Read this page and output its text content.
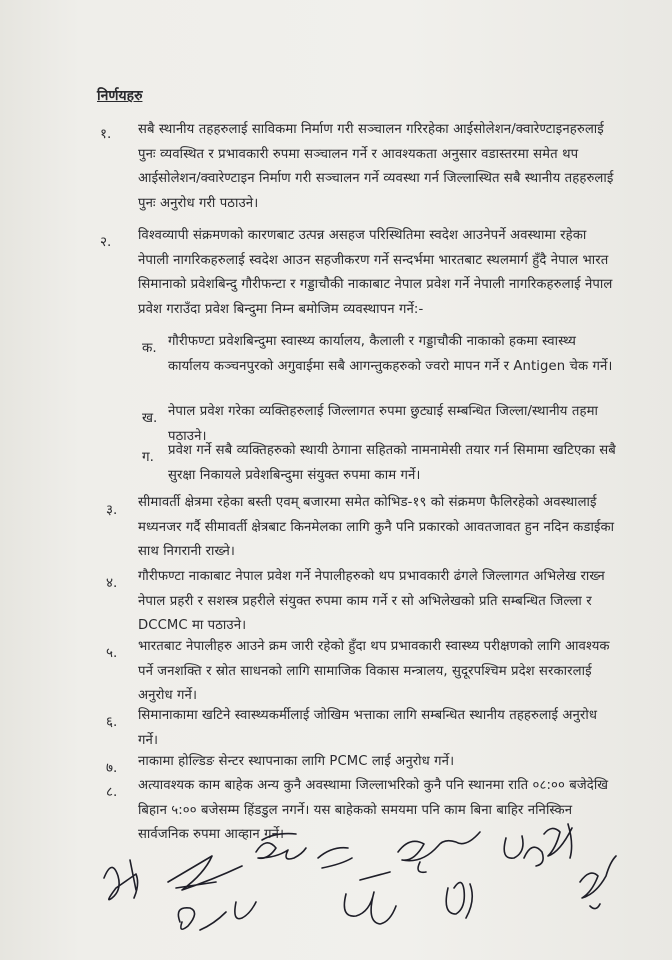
निर्णयहरु
१. सबै स्थानीय तहहरुलाई साविकमा निर्माण गरी सञ्चालन गरिरहेका आईसोलेशन/क्वारेण्टाइनहरुलाई पुनः व्यवस्थित र प्रभावकारी रुपमा सञ्चालन गर्ने र आवश्यकता अनुसार वडास्तरमा समेत थप आईसोलेशन/क्वारेण्टाइन निर्माण गरी सञ्चालन गर्ने व्यवस्था गर्न जिल्लास्थित सबै स्थानीय तहहरुलाई पुनः अनुरोध गरी पठाउने।

२. विश्वव्यापी संक्रमणको कारणबाट उत्पन्न असहज परिस्थितिमा स्वदेश आउनेपर्ने अवस्थामा रहेका नेपाली नागरिकहरुलाई स्वदेश आउन सहजीकरण गर्ने सन्दर्भमा भारतबाट स्थलमार्ग हुँदै नेपाल भारत सिमानाको प्रवेशबिन्दु गौरीफन्टा र गड्डाचौकी नाकाबाट नेपाल प्रवेश गर्ने नेपाली नागरिकहरुलाई नेपाल प्रवेश गराउँदा प्रवेश बिन्दुमा निम्न बमोजिम व्यवस्थापन गर्ने:-

क. गौरीफण्टा प्रवेशबिन्दुमा स्वास्थ्य कार्यालय, कैलाली र गड्डाचौकी नाकाको हकमा स्वास्थ्य कार्यालय कञ्चनपुरको अगुवाईमा सबै आगन्तुकहरुको ज्वरो मापन गर्ने र Antigen चेक गर्ने।

ख. नेपाल प्रवेश गरेका व्यक्तिहरुलाई जिल्लागत रुपमा छुट्याई सम्बन्धित जिल्ला/स्थानीय तहमा पठाउने।

ग. प्रवेश गर्ने सबै व्यक्तिहरुको स्थायी ठेगाना सहितको नामनामेसी तयार गर्न सिमामा खटिएका सबै सुरक्षा निकायले प्रवेशबिन्दुमा संयुक्त रुपमा काम गर्ने।

३. सीमावर्ती क्षेत्रमा रहेका बस्ती एवम् बजारमा समेत कोभिड-१९ को संक्रमण फैलिरहेको अवस्थालाई मध्यनजर गर्दै सीमावर्ती क्षेत्रबाट किनमेलका लागि कुनै पनि प्रकारको आवतजावत हुन नदिन कडाईका साथ निगरानी राख्ने।

४. गौरीफण्टा नाकाबाट नेपाल प्रवेश गर्ने नेपालीहरुको थप प्रभावकारी ढंगले जिल्लागत अभिलेख राख्न नेपाल प्रहरी र सशस्त्र प्रहरीले संयुक्त रुपमा काम गर्ने र सो अभिलेखको प्रति सम्बन्धित जिल्ला र DCCMC मा पठाउने।

५. भारतबाट नेपालीहरु आउने क्रम जारी रहेको हुँदा थप प्रभावकारी स्वास्थ्य परीक्षणको लागि आवश्यक पर्ने जनशक्ति र स्रोत साधनको लागि सामाजिक विकास मन्त्रालय, सुदूरपश्चिम प्रदेश सरकारलाई अनुरोध गर्ने।

६. सिमानाकामा खटिने स्वास्थ्यकर्मीलाई जोखिम भत्ताका लागि सम्बन्धित स्थानीय तहहरुलाई अनुरोध गर्ने।

७. नाकामा होल्डिङ सेन्टर स्थापनाका लागि PCMC लाई अनुरोध गर्ने।

८. अत्यावश्यक काम बाहेक अन्य कुनै अवस्थामा जिल्लाभरिको कुनै पनि स्थानमा राति ०८:०० बजेदेखि बिहान ५:०० बजेसम्म हिंडडुल नगर्ने। यस बाहेकको समयमा पनि काम बिना बाहिर ननिस्किन सार्वजनिक रुपमा आव्हान गर्ने।
